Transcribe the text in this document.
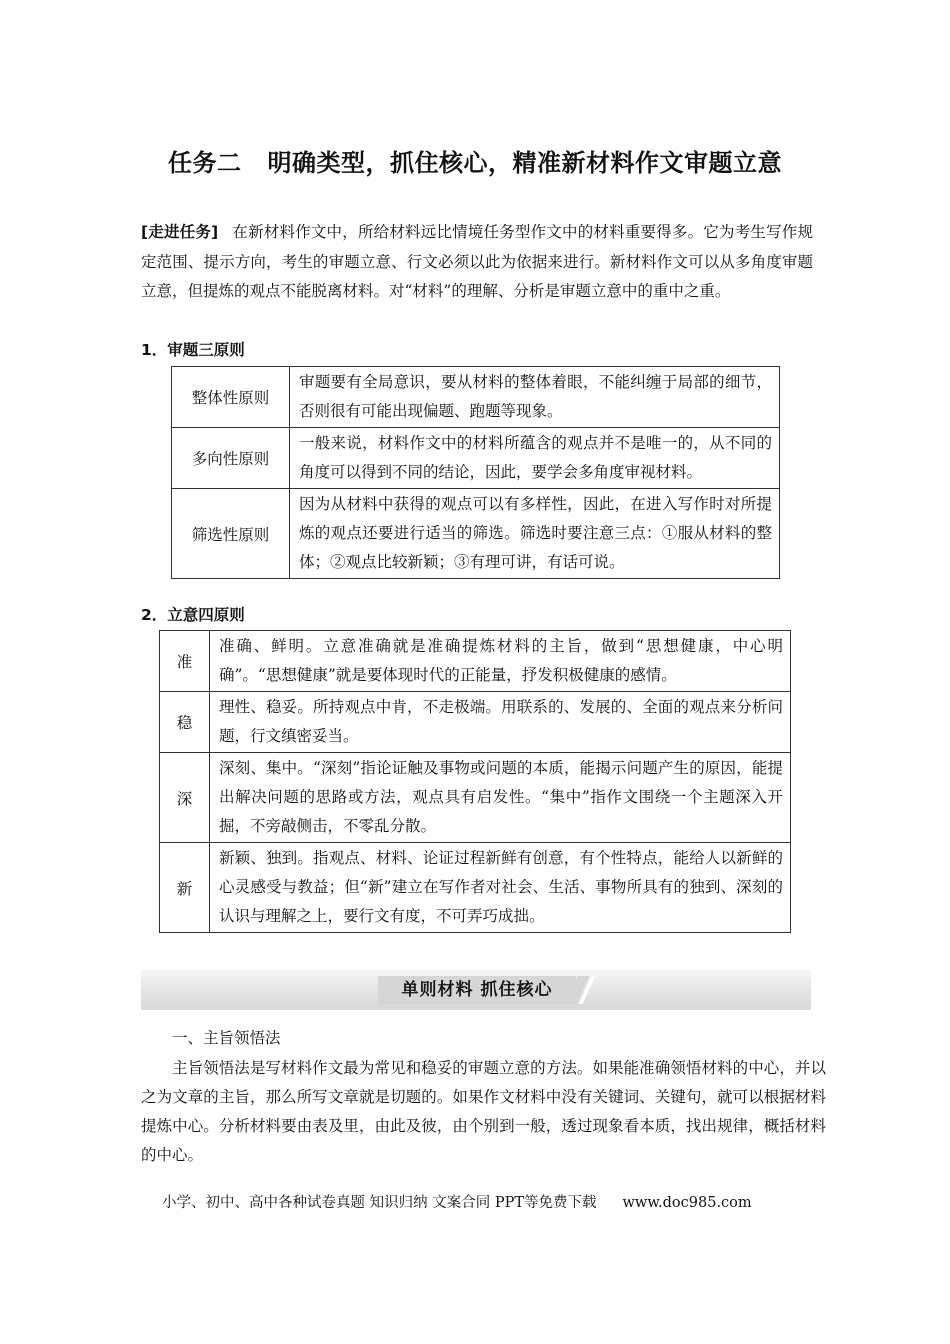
任务二 明确类型，抓住核心，精准新材料作文审题立意

[走进任务] 在新材料作文中，所给材料远比情境任务型作文中的材料重要得多。它为考生写作规定范围、提示方向，考生的审题立意、行文必须以此为依据来进行。新材料作文可以从多角度审题立意，但提炼的观点不能脱离材料。对“材料”的理解、分析是审题立意中的重中之重。

1．审题三原则

整体性原则	审题要有全局意识，要从材料的整体着眼，不能纠缠于局部的细节，否则很有可能出现偏题、跑题等现象。
多向性原则	一般来说，材料作文中的材料所蕴含的观点并不是唯一的，从不同的角度可以得到不同的结论，因此，要学会多角度审视材料。
筛选性原则	因为从材料中获得的观点可以有多样性，因此，在进入写作时对所提炼的观点还要进行适当的筛选。筛选时要注意三点：①服从材料的整体；②观点比较新颖；③有理可讲，有话可说。

2．立意四原则

准	准确、鲜明。立意准确就是准确提炼材料的主旨，做到“思想健康，中心明确”。“思想健康”就是要体现时代的正能量，抒发积极健康的感情。
稳	理性、稳妥。所持观点中肯，不走极端。用联系的、发展的、全面的观点来分析问题，行文缜密妥当。
深	深刻、集中。“深刻”指论证触及事物或问题的本质，能揭示问题产生的原因，能提出解决问题的思路或方法，观点具有启发性。“集中”指作文围绕一个主题深入开掘，不旁敲侧击，不零乱分散。
新	新颖、独到。指观点、材料、论证过程新鲜有创意，有个性特点，能给人以新鲜的心灵感受与教益；但“新”建立在写作者对社会、生活、事物所具有的独到、深刻的认识与理解之上，要行文有度，不可弄巧成拙。
单则材料 抓住核心

一、主旨领悟法

主旨领悟法是写材料作文最为常见和稳妥的审题立意的方法。如果能准确领悟材料的中心，并以之为文章的主旨，那么所写文章就是切题的。如果作文材料中没有关键词、关键句，就可以根据材料提炼中心。分析材料要由表及里，由此及彼，由个别到一般，透过现象看本质，找出规律，概括材料的中心。

小学、初中、高中各种试卷真题 知识归纳 文案合同 PPT等免费下载 www.doc985.com
